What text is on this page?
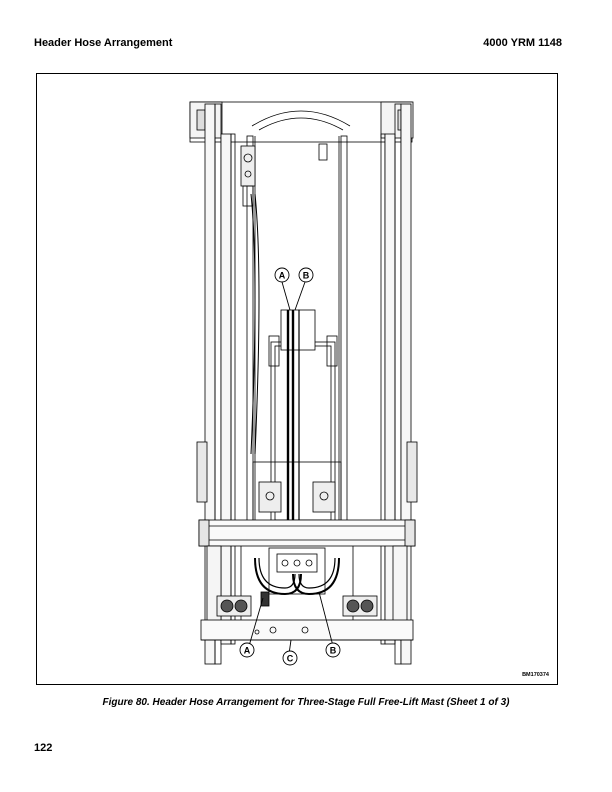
Header Hose Arrangement	4000 YRM 1148
A B
A	B
C
BM170374
Figure 80. Header Hose Arrangement for Three-Stage Full Free-Lift Mast (Sheet 1 of 3)
122
